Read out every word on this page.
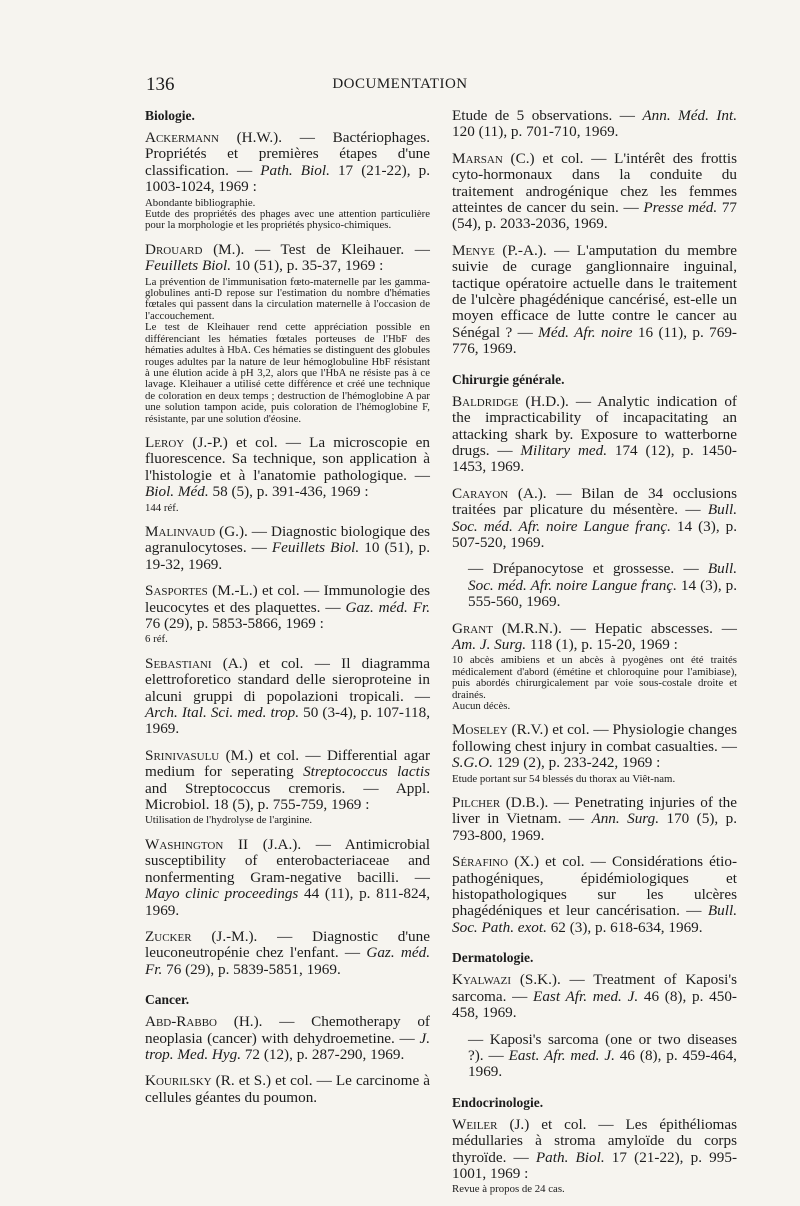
136	DOCUMENTATION
Biologie.
Ackermann (H.W.). — Bactériophages. Propriétés et premières étapes d'une classification. — Path. Biol. 17 (21-22), p. 1003-1024, 1969 :
Abondante bibliographie.
Eutde des propriétés des phages avec une attention particulière pour la morphologie et les propriétés physico-chimiques.
Drouard (M.). — Test de Kleihauer. — Feuillets Biol. 10 (51), p. 35-37, 1969 :
La prévention de l'immunisation fœto-maternelle par les gamma-globulines anti-D repose sur l'estimation du nombre d'hématies fœtales qui passent dans la circulation maternelle à l'occasion de l'accouchement.
Le test de Kleihauer rend cette appréciation possible en différenciant les hématies fœtales porteuses de l'HbF des hématies adultes à HbA. Ces hématies se distinguent des globules rouges adultes par la nature de leur hémoglobuline HbF résistant à une élution acide à pH 3,2, alors que l'HbA ne résiste pas à ce lavage. Kleihauer a utilisé cette différence et créé une technique de coloration en deux temps ; destruction de l'hémoglobine A par une solution tampon acide, puis coloration de l'hémoglobine F, résistante, par une solution d'éosine.
Leroy (J.-P.) et col. — La microscopie en fluorescence. Sa technique, son application à l'histologie et à l'anatomie pathologique. — Biol. Méd. 58 (5), p. 391-436, 1969 :
144 réf.
Malinvaud (G.). — Diagnostic biologique des agranulocytoses. — Feuillets Biol. 10 (51), p. 19-32, 1969.
Sasportes (M.-L.) et col. — Immunologie des leucocytes et des plaquettes. — Gaz. méd. Fr. 76 (29), p. 5853-5866, 1969 :
6 réf.
Sebastiani (A.) et col. — Il diagramma elettroforetico standard delle sieroproteine in alcuni gruppi di popolazioni tropicali. — Arch. Ital. Sci. med. trop. 50 (3-4), p. 107-118, 1969.
Srinivasulu (M.) et col. — Differential agar medium for seperating Streptococcus lactis and Streptococcus cremoris. — Appl. Microbiol. 18 (5), p. 755-759, 1969 :
Utilisation de l'hydrolyse de l'arginine.
Washington II (J.A.). — Antimicrobial susceptibility of enterobacteriaceae and nonfermenting Gram-negative bacilli. — Mayo clinic proceedings 44 (11), p. 811-824, 1969.
Zucker (J.-M.). — Diagnostic d'une leuconeutropénie chez l'enfant. — Gaz. méd. Fr. 76 (29), p. 5839-5851, 1969.
Cancer.
Abd-Rabbo (H.). — Chemotherapy of neoplasia (cancer) with dehydroemetine. — J. trop. Med. Hyg. 72 (12), p. 287-290, 1969.
Kourilsky (R. et S.) et col. — Le carcinome à cellules géantes du poumon.
Etude de 5 observations. — Ann. Méd. Int. 120 (11), p. 701-710, 1969.
Marsan (C.) et col. — L'intérêt des frottis cyto-hormonaux dans la conduite du traitement androgénique chez les femmes atteintes de cancer du sein. — Presse méd. 77 (54), p. 2033-2036, 1969.
Menye (P.-A.). — L'amputation du membre suivie de curage ganglionnaire inguinal, tactique opératoire actuelle dans le traitement de l'ulcère phagédénique cancérisé, est-elle un moyen efficace de lutte contre le cancer au Sénégal ? — Méd. Afr. noire 16 (11), p. 769-776, 1969.
Chirurgie générale.
Baldridge (H.D.). — Analytic indication of the impracticability of incapacitating an attacking shark by. Exposure to watterborne drugs. — Military med. 174 (12), p. 1450-1453, 1969.
Carayon (A.). — Bilan de 34 occlusions traitées par plicature du mésentère. — Bull. Soc. méd. Afr. noire Langue franç. 14 (3), p. 507-520, 1969.
— Drépanocytose et grossesse. — Bull. Soc. méd. Afr. noire Langue franç. 14 (3), p. 555-560, 1969.
Grant (M.R.N.). — Hepatic abscesses. — Am. J. Surg. 118 (1), p. 15-20, 1969 :
10 abcès amibiens et un abcès à pyogènes ont été traités médicalement d'abord (émétine et chloroquine pour l'amibiase), puis abordés chirurgicalement par voie sous-costale droite et drainés.
Aucun décès.
Moseley (R.V.) et col. — Physiologie changes following chest injury in combat casualties. — S.G.O. 129 (2), p. 233-242, 1969 :
Etude portant sur 54 blessés du thorax au Viêt-nam.
Pilcher (D.B.). — Penetrating injuries of the liver in Vietnam. — Ann. Surg. 170 (5), p. 793-800, 1969.
Sérafino (X.) et col. — Considérations étio-pathogéniques, épidémiologiques et histopathologiques sur les ulcères phagédéniques et leur cancérisation. — Bull. Soc. Path. exot. 62 (3), p. 618-634, 1969.
Dermatologie.
Kyalwazi (S.K.). — Treatment of Kaposi's sarcoma. — East Afr. med. J. 46 (8), p. 450-458, 1969.
— Kaposi's sarcoma (one or two diseases ?). — East. Afr. med. J. 46 (8), p. 459-464, 1969.
Endocrinologie.
Weiler (J.) et col. — Les épithéliomas médullaries à stroma amyloïde du corps thyroïde. — Path. Biol. 17 (21-22), p. 995-1001, 1969 :
Revue à propos de 24 cas.
